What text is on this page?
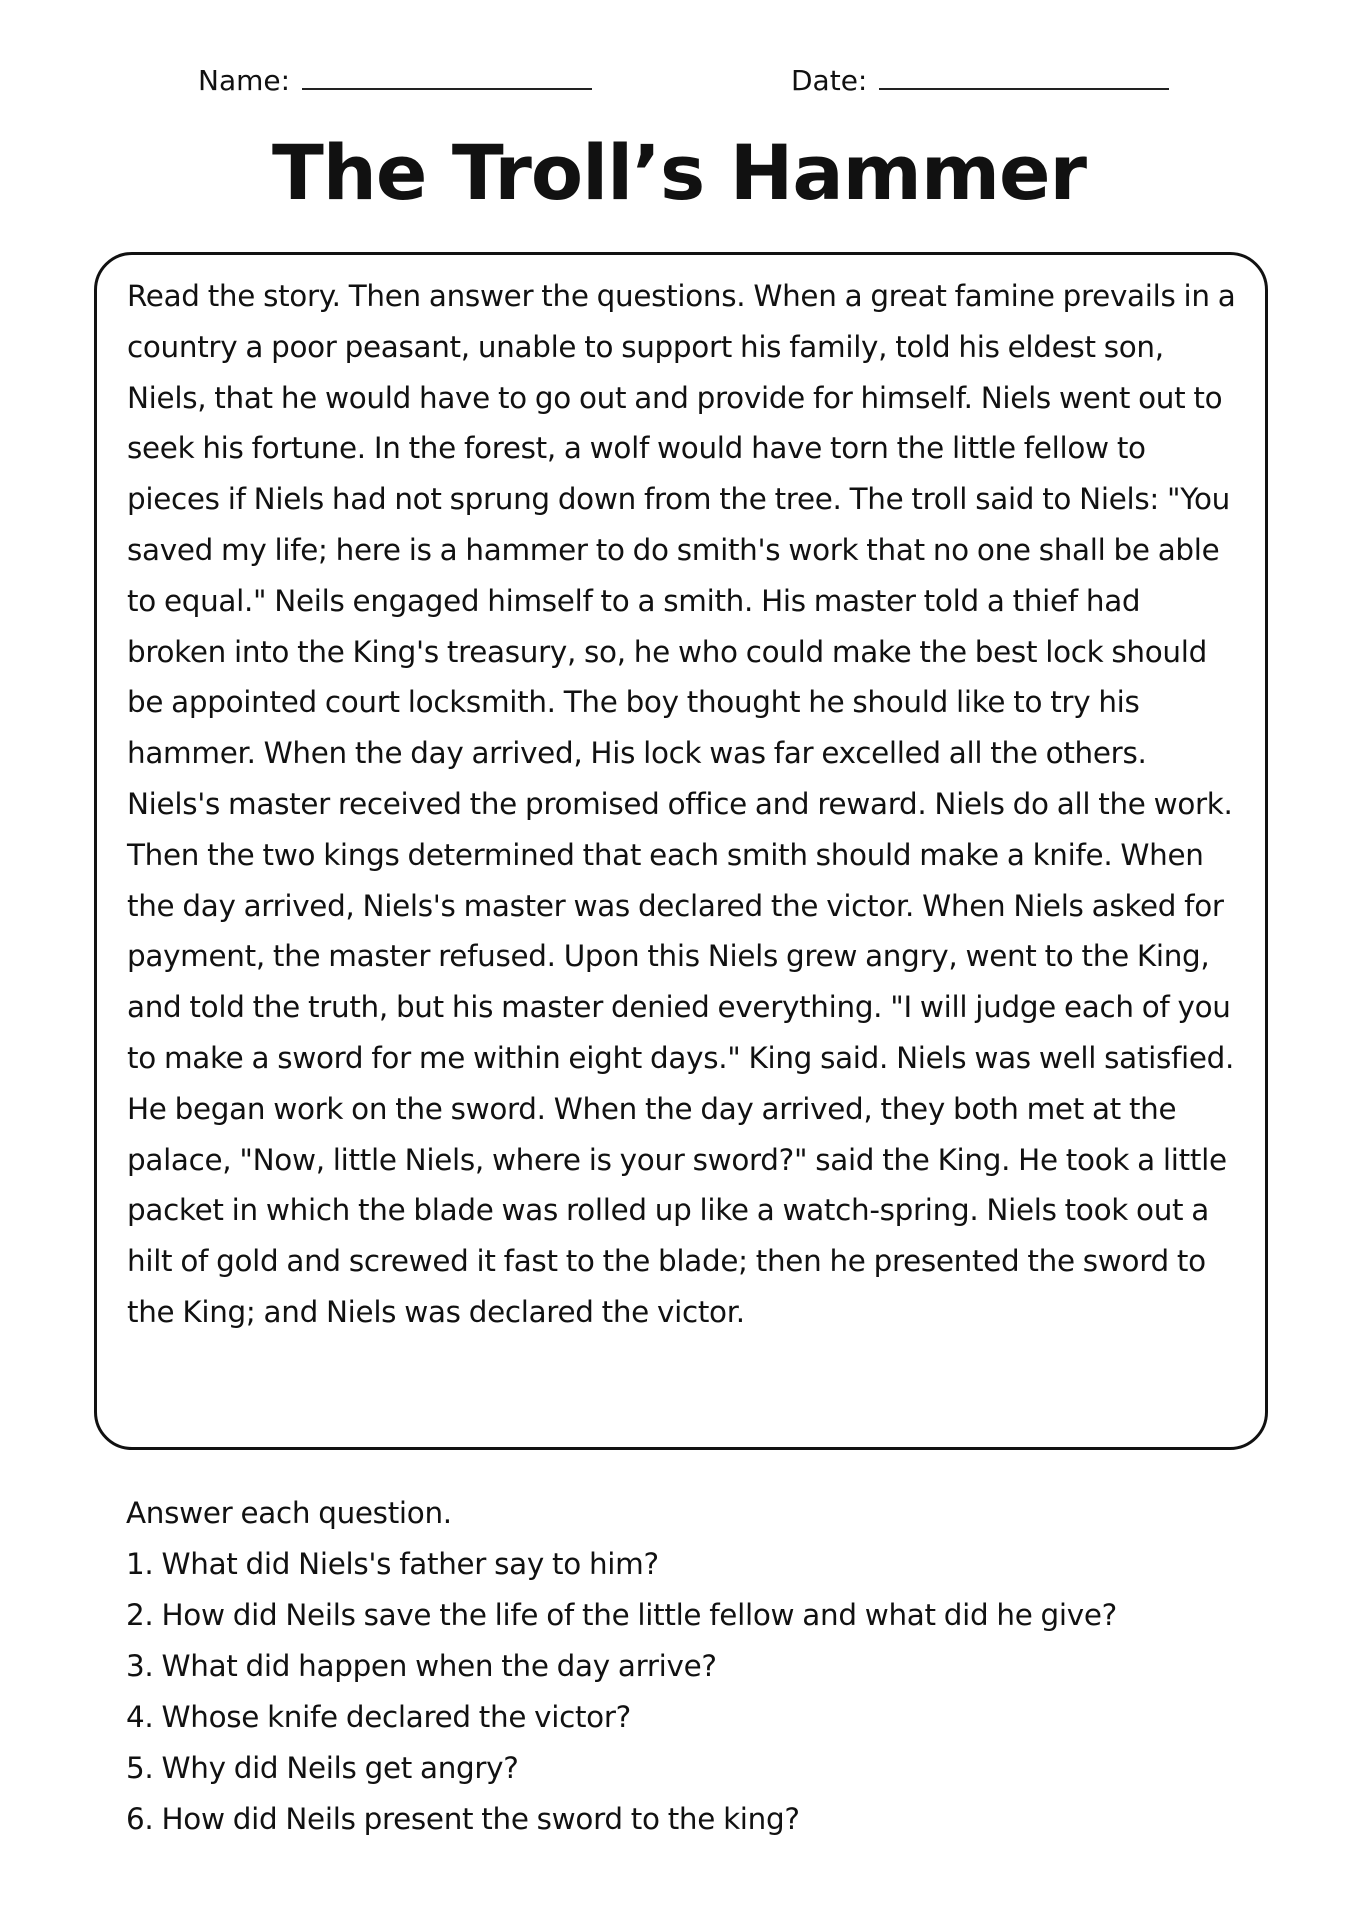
Name:	Date:
The Troll’s Hammer

Read the story. Then answer the questions. When a great famine prevails in a country a poor peasant, unable to support his family, told his eldest son, Niels, that he would have to go out and provide for himself. Niels went out to seek his fortune. In the forest, a wolf would have torn the little fellow to pieces if Niels had not sprung down from the tree. The troll said to Niels: "You saved my life; here is a hammer to do smith's work that no one shall be able to equal." Neils engaged himself to a smith. His master told a thief had broken into the King's treasury, so, he who could make the best lock should be appointed court locksmith. The boy thought he should like to try his hammer. When the day arrived, His lock was far excelled all the others. Niels's master received the promised office and reward. Niels do all the work. Then the two kings determined that each smith should make a knife. When the day arrived, Niels's master was declared the victor. When Niels asked for payment, the master refused. Upon this Niels grew angry, went to the King, and told the truth, but his master denied everything. "I will judge each of you to make a sword for me within eight days." King said. Niels was well satisfied. He began work on the sword. When the day arrived, they both met at the palace, "Now, little Niels, where is your sword?" said the King. He took a little packet in which the blade was rolled up like a watch-spring. Niels took out a hilt of gold and screwed it fast to the blade; then he presented the sword to the King; and Niels was declared the victor.

Answer each question.
1. What did Niels's father say to him?
2. How did Neils save the life of the little fellow and what did he give?
3. What did happen when the day arrive?
4. Whose knife declared the victor?
5. Why did Neils get angry?
6. How did Neils present the sword to the king?
